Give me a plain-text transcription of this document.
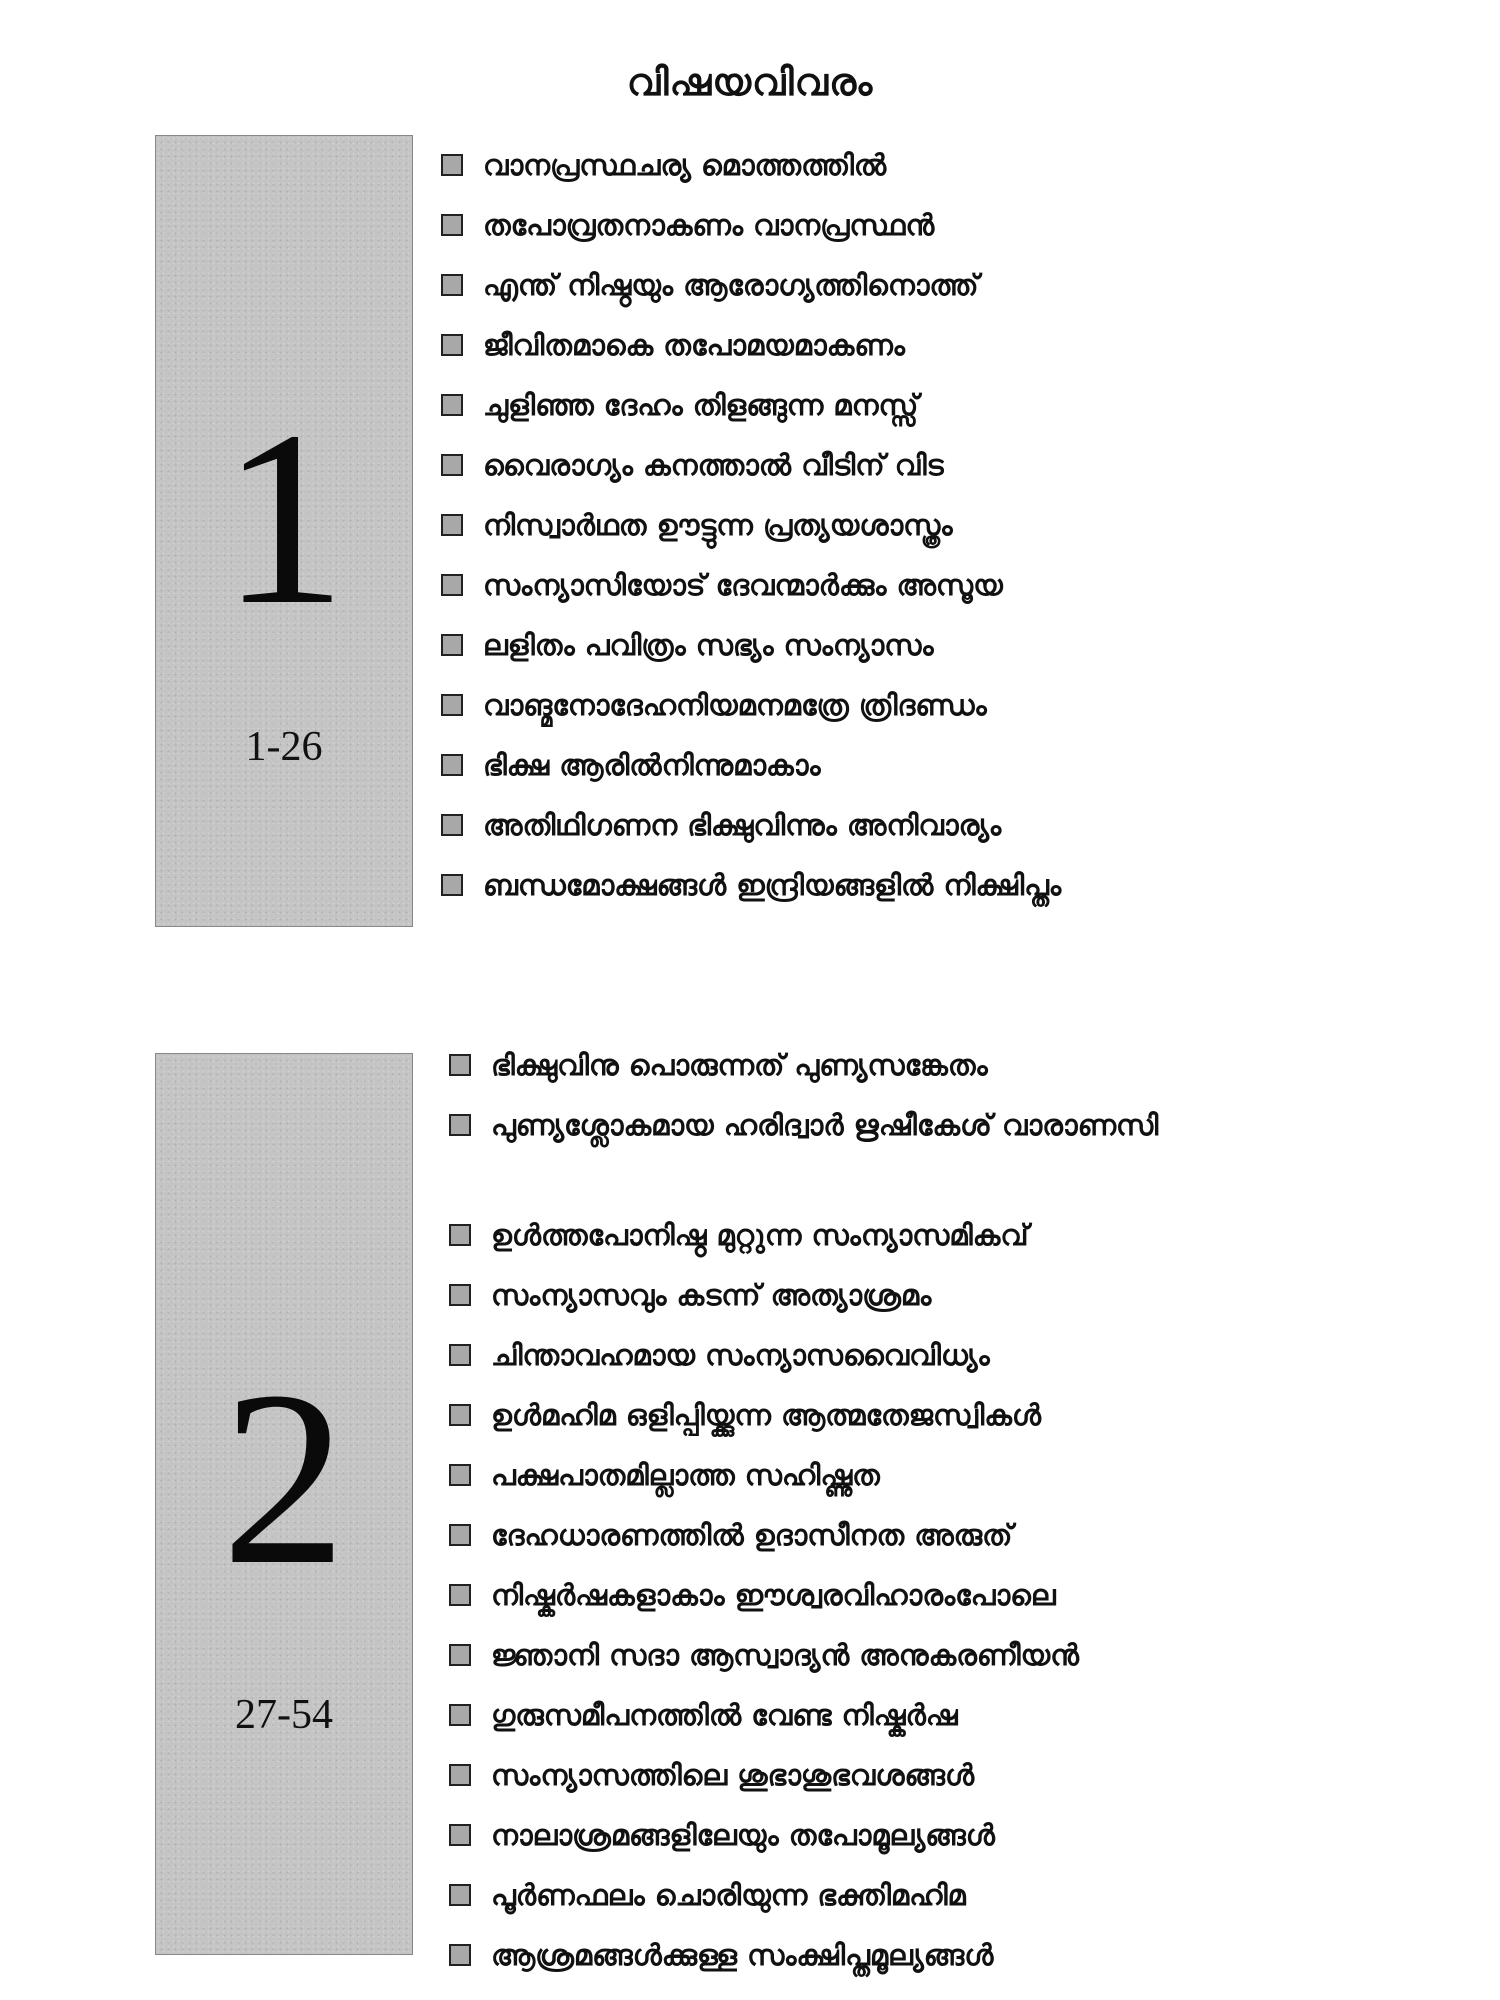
വിഷയവിവരം
1
1-26
വാനപ്രസ്ഥചര്യ മൊത്തത്തിൽ
തപോവ്രതനാകണം വാനപ്രസ്ഥൻ
എന്ത് നിഷ്ഠയും ആരോഗ്യത്തിനൊത്ത്
ജീവിതമാകെ തപോമയമാകണം
ചുളിഞ്ഞ ദേഹം തിളങ്ങുന്ന മനസ്സ്
വൈരാഗ്യം കനത്താൽ വീടിന് വിട
നിസ്വാർഥത ഊട്ടുന്ന പ്രത്യയശാസ്ത്രം
സംന്യാസിയോട് ദേവന്മാർക്കും അസൂയ
ലളിതം പവിത്രം സഭ്യം സംന്യാസം
വാങ്മനോദേഹനിയമനമത്രേ ത്രിദണ്ഡം
ഭിക്ഷ ആരിൽനിന്നുമാകാം
അതിഥിഗണന ഭിക്ഷുവിന്നും അനിവാര്യം
ബന്ധമോക്ഷങ്ങൾ ഇന്ദ്രിയങ്ങളിൽ നിക്ഷിപ്തം
2
27-54
ഭിക്ഷുവിനു പൊരുന്നത് പുണ്യസങ്കേതം
പുണ്യശ്ലോകമായ ഹരിദ്വാർ ഋഷീകേശ് വാരാണസി
ഉൾത്തപോനിഷ്ഠ മുറ്റുന്ന സംന്യാസമികവ്
സംന്യാസവും കടന്ന് അത്യാശ്രമം
ചിന്താവഹമായ സംന്യാസവൈവിധ്യം
ഉൾമഹിമ ഒളിപ്പിയ്ക്കുന്ന ആത്മതേജസ്വികൾ
പക്ഷപാതമില്ലാത്ത സഹിഷ്ണുത
ദേഹധാരണത്തിൽ ഉദാസീനത അരുത്
നിഷ്കർഷകളാകാം ഈശ്വരവിഹാരംപോലെ
ജ്ഞാനി സദാ ആസ്വാദ്യൻ അനുകരണീയൻ
ഗുരുസമീപനത്തിൽ വേണ്ട നിഷ്കർഷ
സംന്യാസത്തിലെ ശുഭാശുഭവശങ്ങൾ
നാലാശ്രമങ്ങളിലേയും തപോമൂല്യങ്ങൾ
പൂർണഫലം ചൊരിയുന്ന ഭക്തിമഹിമ
ആശ്രമങ്ങൾക്കുള്ള സംക്ഷിപ്തമൂല്യങ്ങൾ
